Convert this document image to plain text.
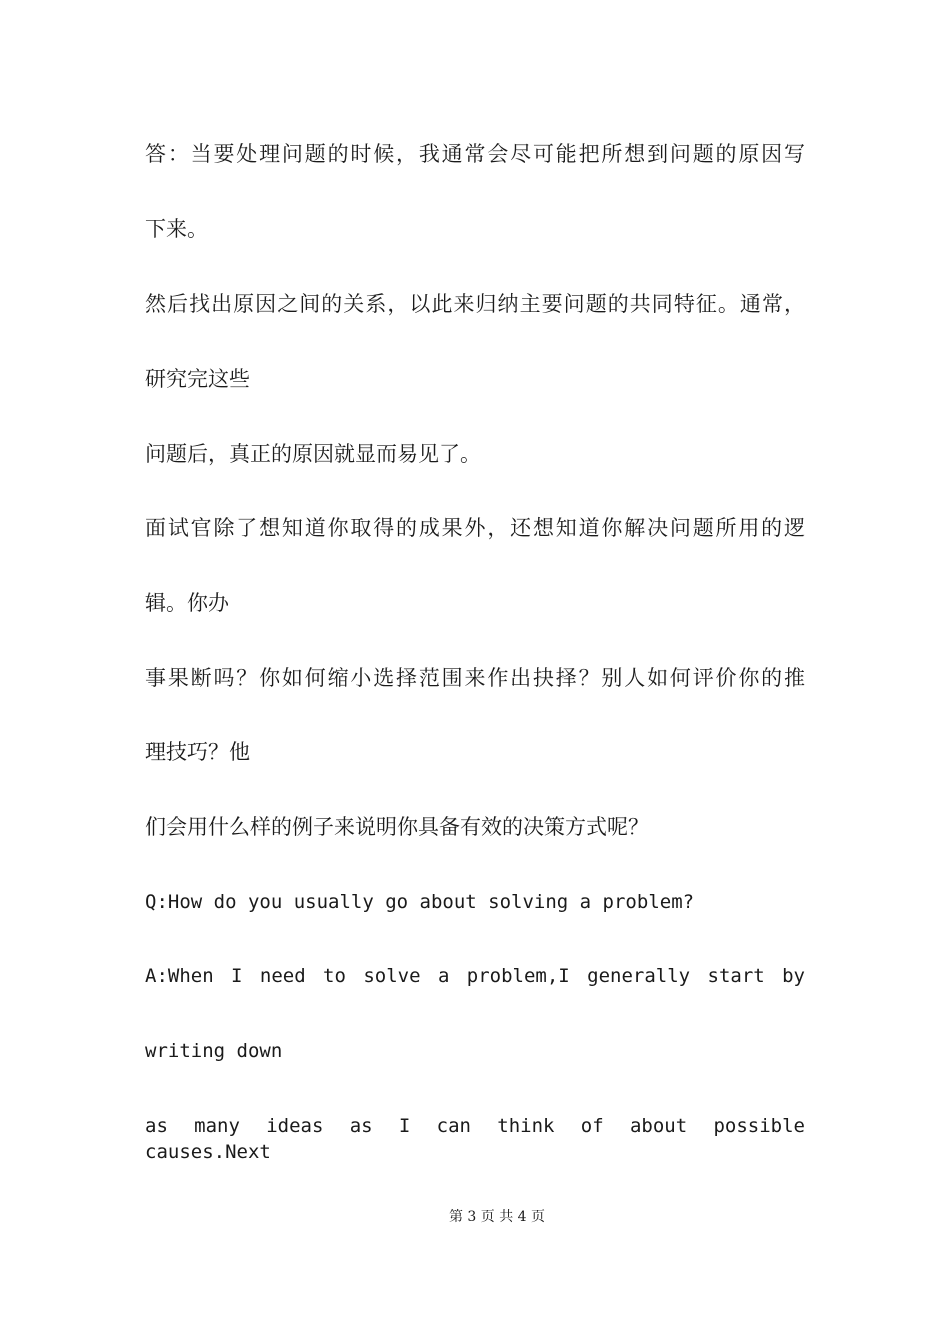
答：当要处理问题的时候，我通常会尽可能把所想到问题的原因写
下来。
然后找出原因之间的关系，以此来归纳主要问题的共同特征。通常，
研究完这些
问题后，真正的原因就显而易见了。
面试官除了想知道你取得的成果外，还想知道你解决问题所用的逻
辑。你办
事果断吗？你如何缩小选择范围来作出抉择？别人如何评价你的推
理技巧？他
们会用什么样的例子来说明你具备有效的决策方式呢？
Q:How do you usually go about solving a problem?
A:When I need to solve a problem,I generally start by
writing down
as many ideas as I can think of about possible causes.Next
第 3 页 共 4 页
